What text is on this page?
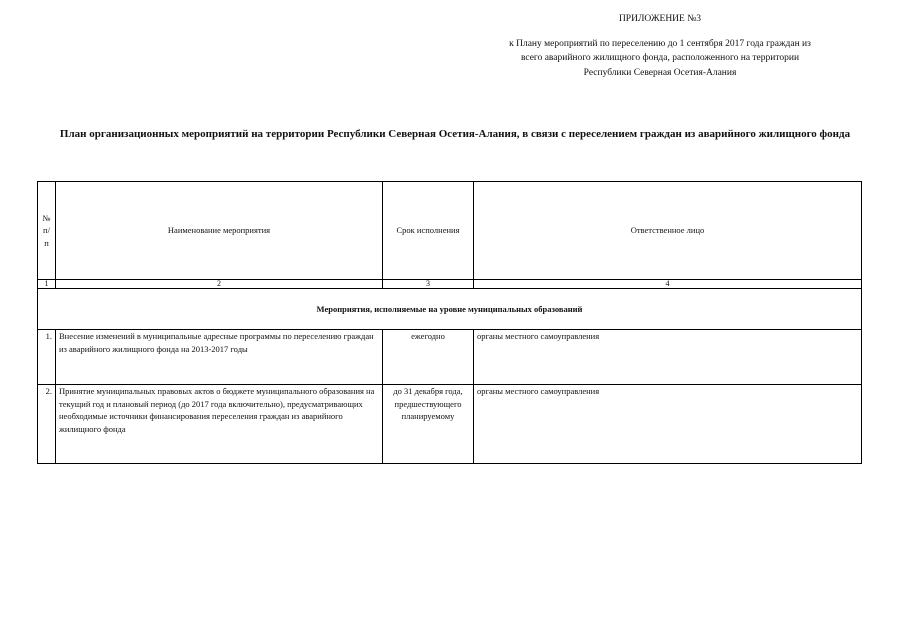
ПРИЛОЖЕНИЕ №3
к Плану мероприятий по переселению до 1 сентября 2017 года граждан из
всего аварийного жилищного фонда, расположенного на территории
Республики Северная Осетия-Алания
План организационных мероприятий на территории Республики Северная Осетия-Алания, в связи с переселением граждан из аварийного жилищного фонда
№ п/п	Наименование мероприятия	Срок исполнения	Ответственное лицо
1	2	3	4
Мероприятия, исполняемые на уровне муниципальных образований			
1.	Внесение изменений в муниципальные адресные программы по переселению граждан из аварийного жилищного фонда на 2013-2017 годы	ежегодно	органы местного самоуправления
2.	Принятие муниципальных правовых актов о бюджете муниципального образования на текущий год и плановый период (до 2017 года включительно), предусматривающих необходимые источники финансирования переселения граждан из аварийного жилищного фонда	до 31 декабря года, предшествующего планируемому	органы местного самоуправления
